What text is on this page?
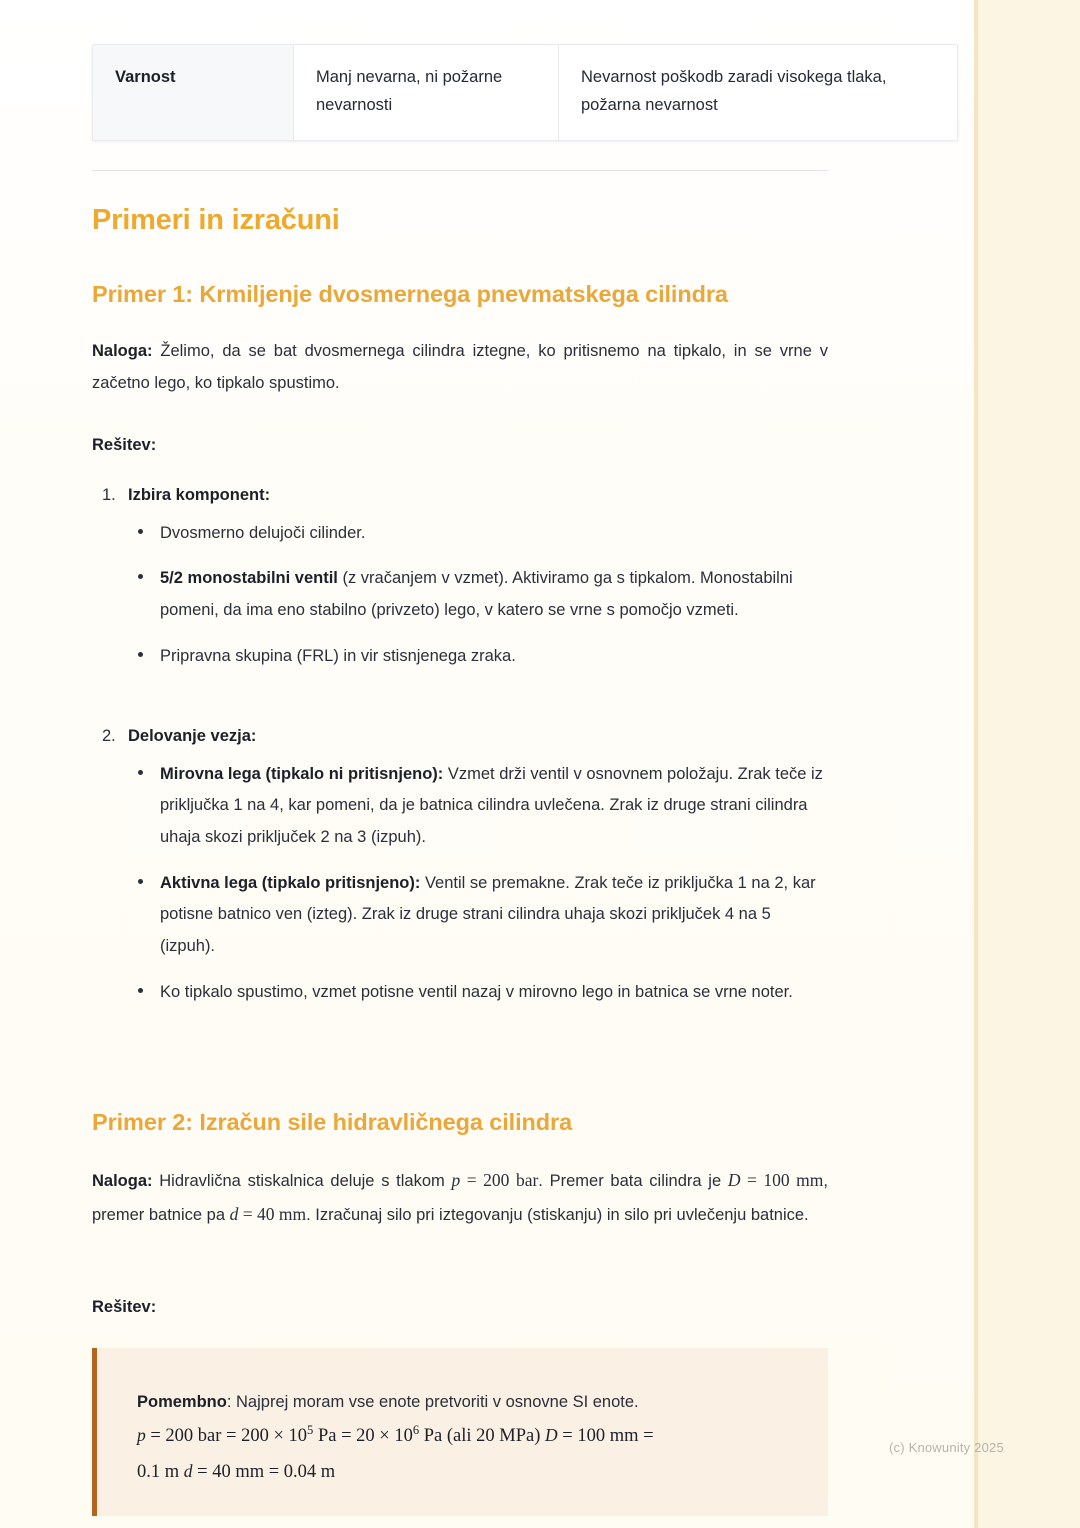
Varnost	Manj nevarna, ni požarne nevarnosti	Nevarnost poškodb zaradi visokega tlaka, požarna nevarnost
Primeri in izračuni
Primer 1: Krmiljenje dvosmernega pnevmatskega cilindra

Naloga: Želimo, da se bat dvosmernega cilindra iztegne, ko pritisnemo na tipkalo, in se vrne v začetno lego, ko tipkalo spustimo.

Rešitev:

1. Izbira komponent:
Dvosmerno delujoči cilinder.
5/2 monostabilni ventil (z vračanjem v vzmet). Aktiviramo ga s tipkalom. Monostabilni pomeni, da ima eno stabilno (privzeto) lego, v katero se vrne s pomočjo vzmeti.
Pripravna skupina (FRL) in vir stisnjenega zraka.
2. Delovanje vezja:
Mirovna lega (tipkalo ni pritisnjeno): Vzmet drži ventil v osnovnem položaju. Zrak teče iz priključka 1 na 4, kar pomeni, da je batnica cilindra uvlečena. Zrak iz druge strani cilindra uhaja skozi priključek 2 na 3 (izpuh).
Aktivna lega (tipkalo pritisnjeno): Ventil se premakne. Zrak teče iz priključka 1 na 2, kar potisne batnico ven (izteg). Zrak iz druge strani cilindra uhaja skozi priključek 4 na 5 (izpuh).
Ko tipkalo spustimo, vzmet potisne ventil nazaj v mirovno lego in batnica se vrne noter.
Primer 2: Izračun sile hidravličnega cilindra

Naloga: Hidravlična stiskalnica deluje s tlakom p = 200 bar. Premer bata cilindra je D = 100 mm, premer batnice pa d = 40 mm. Izračunaj silo pri iztegovanju (stiskanju) in silo pri uvlečenju batnice.

Rešitev:

Pomembno: Najprej moram vse enote pretvoriti v osnovne SI enote.

p = 200 bar = $200 \times 10^5$ $Pa = 20 \times 10^6$ Pa (ali 20 MPa) D = 100 mm =

0.1 m d = 40 mm = 0.04 m

(c) Knowunity 2025
